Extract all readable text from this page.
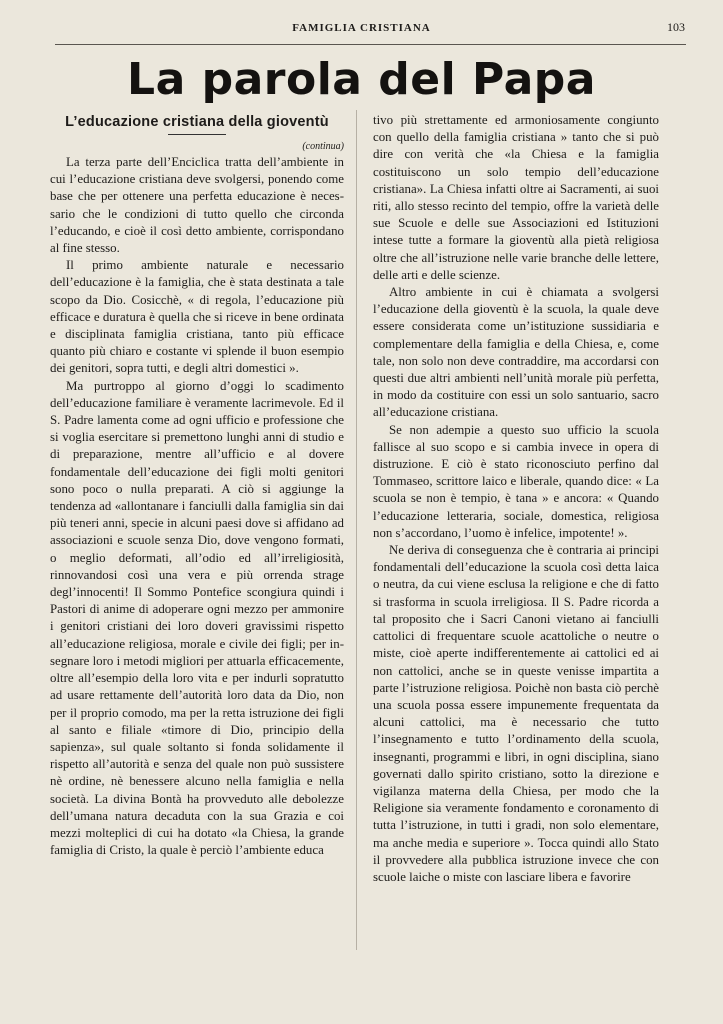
FAMIGLIA CRISTIANA	103
La parola del Papa
L’educazione cristiana della gioventù
(continua)

La terza parte dell’Enciclica tratta dell’ambiente in cui l’educazione cristiana deve svolgersi, ponendo come base che per ottenere una perfetta educazione è necessario che le condizioni di tutto quello che circonda l’educando, e cioè il così detto ambiente, corrispondano al fine stesso.

Il primo ambiente naturale e necessario dell’educazione è la famiglia, che è stata destinata a tale scopo da Dio. Cosicchè, « di regola, l’educazione più efficace e duratura è quella che si riceve in bene ordinata e disciplinata famiglia cristiana, tanto più efficace quanto più chiaro e costante vi splende il buon esempio dei genitori, sopra tutti, e degli altri domestici ».

Ma purtroppo al giorno d’oggi lo scadimento dell’educazione familiare è veramente lacrimevole. Ed il S. Padre lamenta come ad ogni ufficio e professione che si voglia esercitare si premettono lunghi anni di studio e di preparazione, mentre all’ufficio e al dovere fondamentale dell’educazione dei figli molti genitori sono poco o nulla preparati. A ciò si aggiunge la tendenza ad «allontanare i fanciulli dalla famiglia sin dai più teneri anni, specie in alcuni paesi dove si affidano ad associazioni e scuole senza Dio, dove vengono formati, o meglio deformati, all’odio ed all’irreligiosità, rinnovandosi così una vera e più orrenda strage degl’innocenti! Il Sommo Pontefice scongiura quindi i Pastori di anime di adoperare ogni mezzo per ammonire i genitori cristiani dei loro doveri gravissimi rispetto all’educazione religiosa, morale e civile dei figli; per insegnare loro i metodi migliori per attuarla efficacemente, oltre all’esempio della loro vita e per indurli sopratutto ad usare rettamente dell’autorità loro data da Dio, non per il proprio comodo, ma per la retta istruzione dei figli al santo e filiale «timore di Dio, principio della sapienza», sul quale soltanto si fonda solidamente il rispetto all’autorità e senza del quale non può sussistere nè ordine, nè benessere alcuno nella famiglia e nella società. La divina Bontà ha provveduto alle debolezze dell’umana natura decaduta con la sua Grazia e coi mezzi molteplici di cui ha dotato «la Chiesa, la grande famiglia di Cristo, la quale è perciò l’ambiente educa

tivo più strettamente ed armoniosamente congiunto con quello della famiglia cristiana » tanto che si può dire con verità che «la Chiesa e la famiglia costituiscono un solo tempio dell’educazione cristiana». La Chiesa infatti oltre ai Sacramenti, ai suoi riti, allo stesso recinto del tempio, offre la varietà delle sue Scuole e delle sue Associazioni ed Istituzioni intese tutte a formare la gioventù alla pietà religiosa oltre che all’istruzione nelle varie branche delle lettere, delle arti e delle scienze.

Altro ambiente in cui è chiamata a svolgersi l’educazione della gioventù è la scuola, la quale deve essere considerata come un’istituzione sussidiaria e complementare della famiglia e della Chiesa, e, come tale, non solo non deve contraddire, ma accordarsi con questi due altri ambienti nell’unità morale più perfetta, in modo da costituire con essi un solo santuario, sacro all’educazione cristiana.

Se non adempie a questo suo ufficio la scuola fallisce al suo scopo e si cambia invece in opera di distruzione. E ciò è stato riconosciuto perfino dal Tommaseo, scrittore laico e liberale, quando dice: « La scuola se non è tempio, è tana » e ancora: « Quando l’educazione letteraria, sociale, domestica, religiosa non s’accordano, l’uomo è infelice, impotente! ».

Ne deriva di conseguenza che è contraria ai principi fondamentali dell’educazione la scuola così detta laica o neutra, da cui viene esclusa la religione e che di fatto si trasforma in scuola irreligiosa. Il S. Padre ricorda a tal proposito che i Sacri Canoni vietano ai fanciulli cattolici di frequentare scuole acattoliche o neutre o miste, cioè aperte indifferentemente ai cattolici ed ai non cattolici, anche se in queste venisse impartita a parte l’istruzione religiosa. Poichè non basta ciò perchè una scuola possa essere impunemente frequentata da alcuni cattolici, ma è necessario che tutto l’insegnamento e tutto l’ordinamento della scuola, insegnanti, programmi e libri, in ogni disciplina, siano governati dallo spirito cristiano, sotto la direzione e vigilanza materna della Chiesa, per modo che la Religione sia veramente fondamento e coronamento di tutta l’istruzione, in tutti i gradi, non solo elementare, ma anche media e superiore ». Tocca quindi allo Stato il provvedere alla pubblica istruzione invece che con scuole laiche o miste con lasciare libera e favorire
